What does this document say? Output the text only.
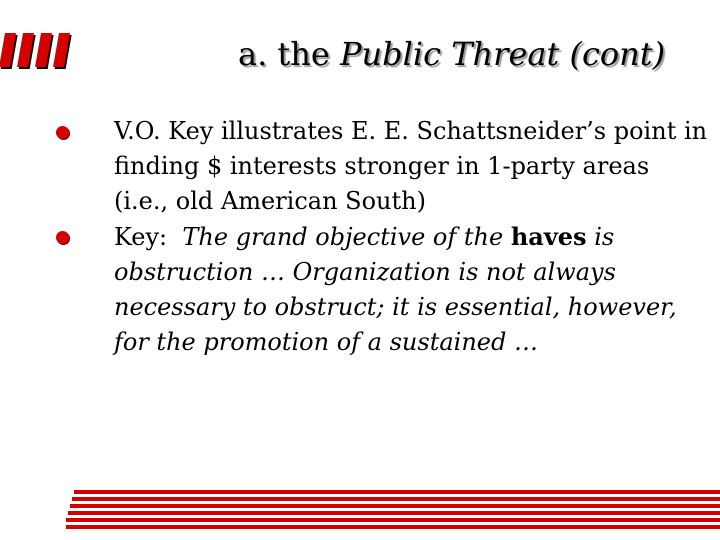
a. the Public Threat (cont)
V.O. Key illustrates E. E. Schattsneider’s point in finding $ interests stronger in 1-party areas (i.e., old American South)
Key: The grand objective of the haves is obstruction … Organization is not always necessary to obstruct; it is essential, however, for the promotion of a sustained …
